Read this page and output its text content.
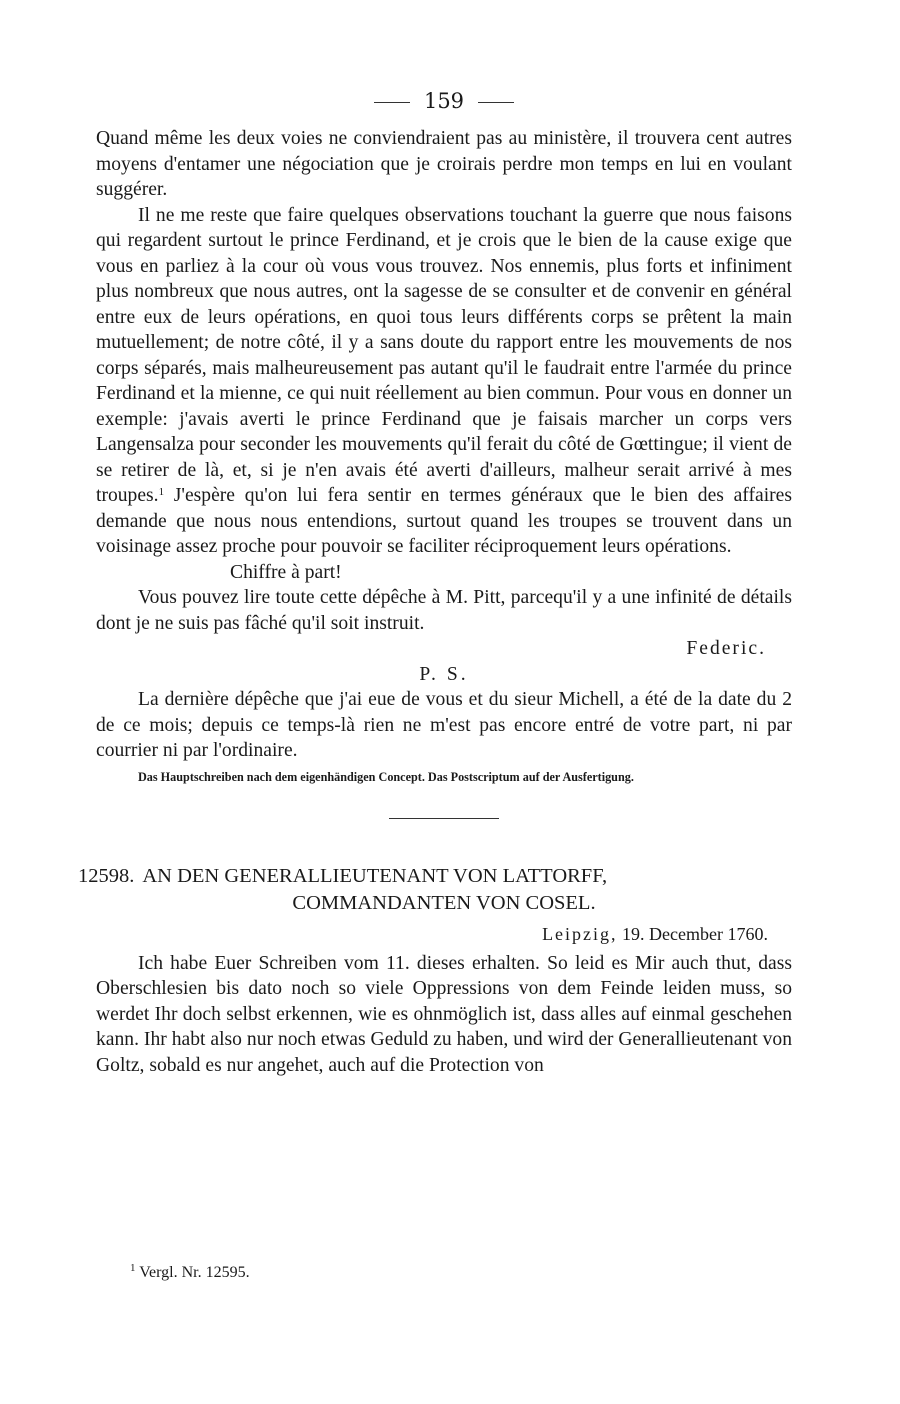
159

Quand même les deux voies ne conviendraient pas au ministère, il trouvera cent autres moyens d'entamer une négociation que je croirais perdre mon temps en lui en voulant suggérer.

Il ne me reste que faire quelques observations touchant la guerre que nous faisons qui regardent surtout le prince Ferdinand, et je crois que le bien de la cause exige que vous en parliez à la cour où vous vous trouvez. Nos ennemis, plus forts et infiniment plus nombreux que nous autres, ont la sagesse de se consulter et de convenir en général entre eux de leurs opérations, en quoi tous leurs différents corps se prêtent la main mutuellement; de notre côté, il y a sans doute du rapport entre les mouvements de nos corps séparés, mais malheureusement pas autant qu'il le faudrait entre l'armée du prince Ferdinand et la mienne, ce qui nuit réellement au bien commun. Pour vous en donner un exemple: j'avais averti le prince Ferdinand que je faisais marcher un corps vers Langensalza pour seconder les mouvements qu'il ferait du côté de Gœttingue; il vient de se retirer de là, et, si je n'en avais été averti d'ailleurs, malheur serait arrivé à mes troupes.$^1$ J'espère qu'on lui fera sentir en termes généraux que le bien des affaires demande que nous nous entendions, surtout quand les troupes se trouvent dans un voisinage assez proche pour pouvoir se faciliter réciproquement leurs opérations.

Chiffre à part!

Vous pouvez lire toute cette dépêche à M. Pitt, parcequ'il y a une infinité de détails dont je ne suis pas fâché qu'il soit instruit.

Federic.

P. S.

La dernière dépêche que j'ai eue de vous et du sieur Michell, a été de la date du 2 de ce mois; depuis ce temps-là rien ne m'est pas encore entré de votre part, ni par courrier ni par l'ordinaire.

Das Hauptschreiben nach dem eigenhändigen Concept. Das Postscriptum auf der Ausfertigung.
12598. AN DEN GENERALLIEUTENANT VON LATTORFF,
COMMANDANTEN VON COSEL.
Leipzig, 19. December 1760.

Ich habe Euer Schreiben vom 11. dieses erhalten. So leid es Mir auch thut, dass Oberschlesien bis dato noch so viele Oppressions von dem Feinde leiden muss, so werdet Ihr doch selbst erkennen, wie es ohnmöglich ist, dass alles auf einmal geschehen kann. Ihr habt also nur noch etwas Geduld zu haben, und wird der Generallieutenant von Goltz, sobald es nur angehet, auch auf die Protection von

$^1$ Vergl. Nr. 12595.
